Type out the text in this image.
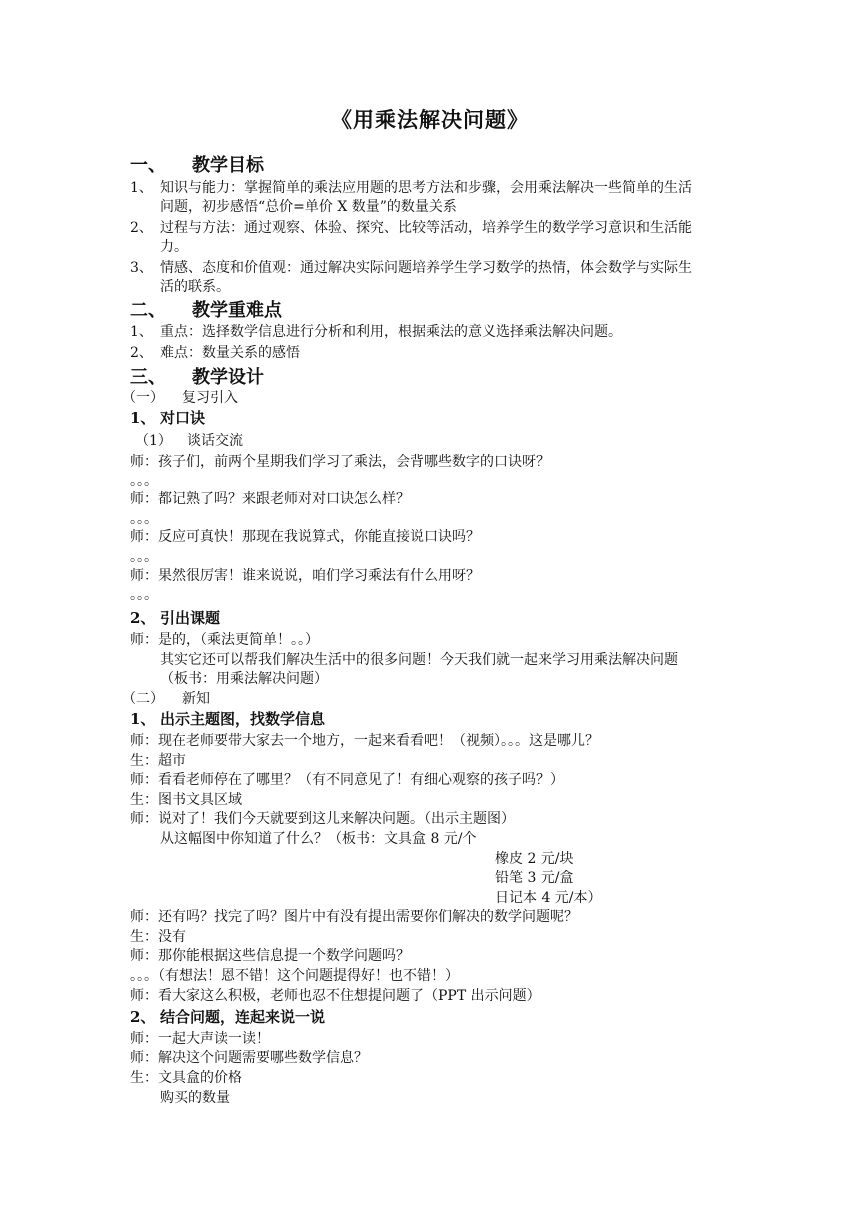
《用乘法解决问题》
一、 教学目标
1、 知识与能力：掌握简单的乘法应用题的思考方法和步骤，会用乘法解决一些简单的生活
问题，初步感悟“总价=单价 X 数量”的数量关系
2、 过程与方法：通过观察、体验、探究、比较等活动，培养学生的数学学习意识和生活能
力。
3、 情感、态度和价值观：通过解决实际问题培养学生学习数学的热情，体会数学与实际生
活的联系。
二、 教学重难点
1、 重点：选择数学信息进行分析和利用，根据乘法的意义选择乘法解决问题。
2、 难点：数量关系的感悟
三、 教学设计
（一） 复习引入
1、 对口诀
（1） 谈话交流
师：孩子们，前两个星期我们学习了乘法，会背哪些数字的口诀呀？
。。。
师：都记熟了吗？来跟老师对对口诀怎么样？
。。。
师：反应可真快！那现在我说算式，你能直接说口诀吗？
。。。
师：果然很厉害！谁来说说，咱们学习乘法有什么用呀？
。。。
2、 引出课题
师：是的，（乘法更简单！。。）
其实它还可以帮我们解决生活中的很多问题！今天我们就一起来学习用乘法解决问题
（板书：用乘法解决问题）
（二） 新知
1、 出示主题图，找数学信息
师：现在老师要带大家去一个地方，一起来看看吧！（视频）。。。这是哪儿？
生：超市
师：看看老师停在了哪里？（有不同意见了！有细心观察的孩子吗？）
生：图书文具区域
师：说对了！我们今天就要到这儿来解决问题。（出示主题图）
从这幅图中你知道了什么？（板书：文具盒 8 元/个
橡皮 2 元/块
铅笔 3 元/盒
日记本 4 元/本）
师：还有吗？找完了吗？图片中有没有提出需要你们解决的数学问题呢？
生：没有
师：那你能根据这些信息提一个数学问题吗？
。。。（有想法！恩不错！这个问题提得好！也不错！）
师：看大家这么积极，老师也忍不住想提问题了（PPT 出示问题）
2、 结合问题，连起来说一说
师：一起大声读一读！
师：解决这个问题需要哪些数学信息？
生：文具盒的价格
购买的数量
